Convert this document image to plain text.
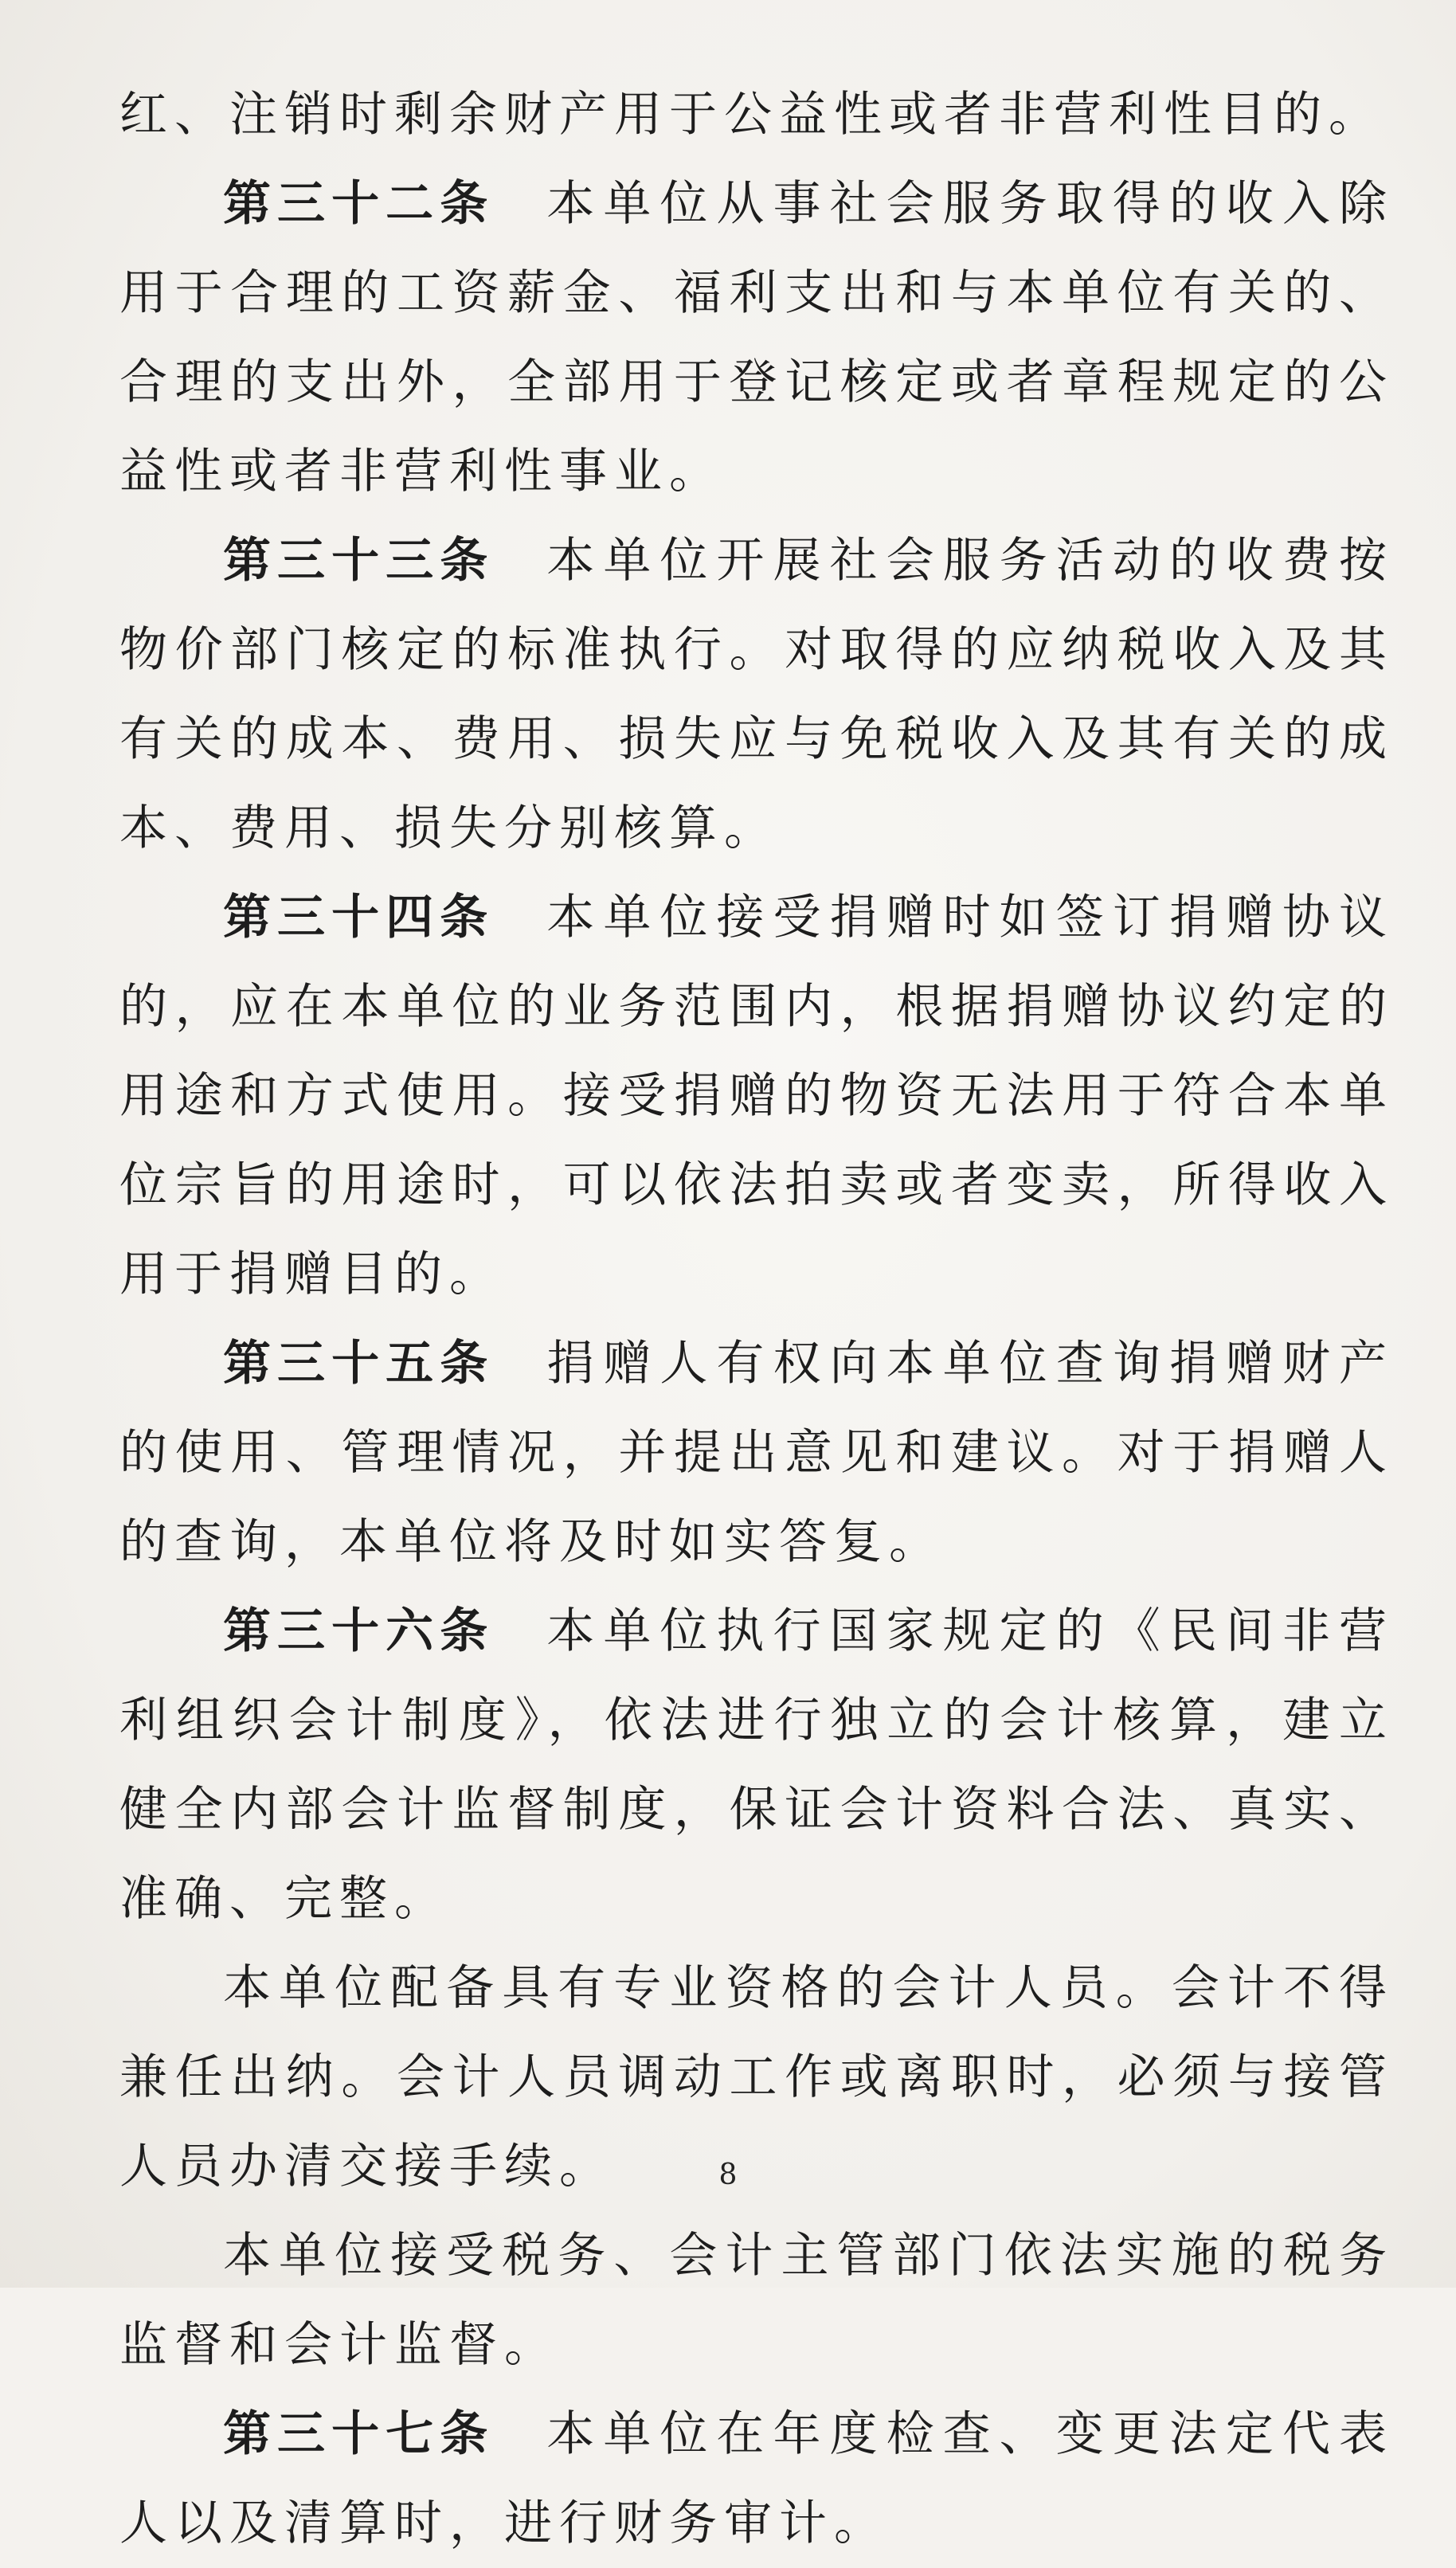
红、注销时剩余财产用于公益性或者非营利性目的。

第三十二条 本单位从事社会服务取得的收入除用于合理的工资薪金、福利支出和与本单位有关的、合理的支出外，全部用于登记核定或者章程规定的公益性或者非营利性事业。

第三十三条 本单位开展社会服务活动的收费按物价部门核定的标准执行。对取得的应纳税收入及其有关的成本、费用、损失应与免税收入及其有关的成本、费用、损失分别核算。

第三十四条 本单位接受捐赠时如签订捐赠协议的，应在本单位的业务范围内，根据捐赠协议约定的用途和方式使用。接受捐赠的物资无法用于符合本单位宗旨的用途时，可以依法拍卖或者变卖，所得收入用于捐赠目的。

第三十五条 捐赠人有权向本单位查询捐赠财产的使用、管理情况，并提出意见和建议。对于捐赠人的查询，本单位将及时如实答复。

第三十六条 本单位执行国家规定的《民间非营利组织会计制度》，依法进行独立的会计核算，建立健全内部会计监督制度，保证会计资料合法、真实、准确、完整。

本单位配备具有专业资格的会计人员。会计不得兼任出纳。会计人员调动工作或离职时，必须与接管人员办清交接手续。

本单位接受税务、会计主管部门依法实施的税务监督和会计监督。

第三十七条 本单位在年度检查、变更法定代表人以及清算时，进行财务审计。

8
